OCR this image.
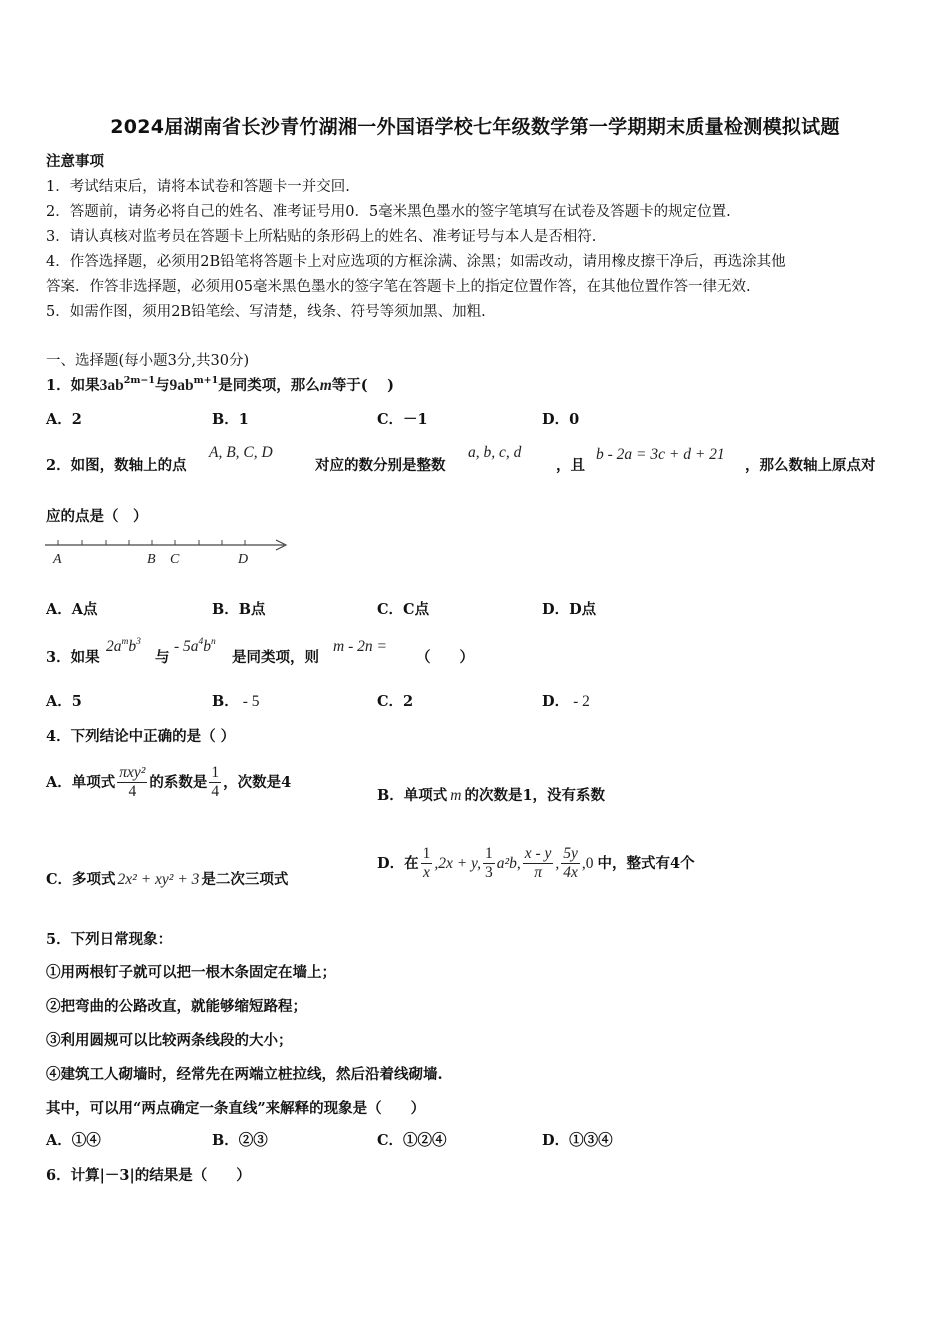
2024届湖南省长沙青竹湖湘一外国语学校七年级数学第一学期期末质量检测模拟试题
注意事项
1．考试结束后，请将本试卷和答题卡一并交回.
2．答题前，请务必将自己的姓名、准考证号用0．5毫米黑色墨水的签字笔填写在试卷及答题卡的规定位置.
3．请认真核对监考员在答题卡上所粘贴的条形码上的姓名、准考证号与本人是否相符.
4．作答选择题，必须用2B铅笔将答题卡上对应选项的方框涂满、涂黑；如需改动，请用橡皮擦干净后，再选涂其他
答案．作答非选择题，必须用05毫米黑色墨水的签字笔在答题卡上的指定位置作答，在其他位置作答一律无效.
5．如需作图，须用2B铅笔绘、写清楚，线条、符号等须加黑、加粗.
一、选择题(每小题3分,共30分)
1．如果$3ab^{2m-1}$与$9ab^{m+1}$是同类项，那么m等于(　 )
A．2	B．1	C．－1	D．0
2．如图，数轴上的点
A, B, C, D
对应的数分别是整数
a, b, c, d
，且
b - 2a = 3c + d + 21
，那么数轴上原点对
应的点是（　）
A	B C	D
A．A点	B．B点	C．C点	D．D点
3．如果
$2a^mb^3$
与
- $5a^4b^n$
是同类项，则
m - 2n =
（　　）
A．5	B． - 5	C．2	D． - 2
4．下列结论中正确的是（ ）
A．单项式 $\frac{\text{πxy²}}{4}$ 的系数是 $\frac{1}{4}$ ，次数是4
B．单项式 m 的次数是1，没有系数
C．多项式 2x² + xy² + 3 是二次三项式
D．在 $\frac{1}{x} ,2x + y$, $\frac{1}{3} a^2b$, $\frac{x - y}{\pi}$ , $\frac{5y}{4x} ,0$ 中，整式有4个
5．下列日常现象：
①用两根钉子就可以把一根木条固定在墙上；
②把弯曲的公路改直，就能够缩短路程；
③利用圆规可以比较两条线段的大小；
④建筑工人砌墙时，经常先在两端立桩拉线，然后沿着线砌墙.
其中，可以用“两点确定一条直线”来解释的现象是（　　）
A．①④	B．②③	C．①②④	D．①③④
6．计算|－3|的结果是（　　）
